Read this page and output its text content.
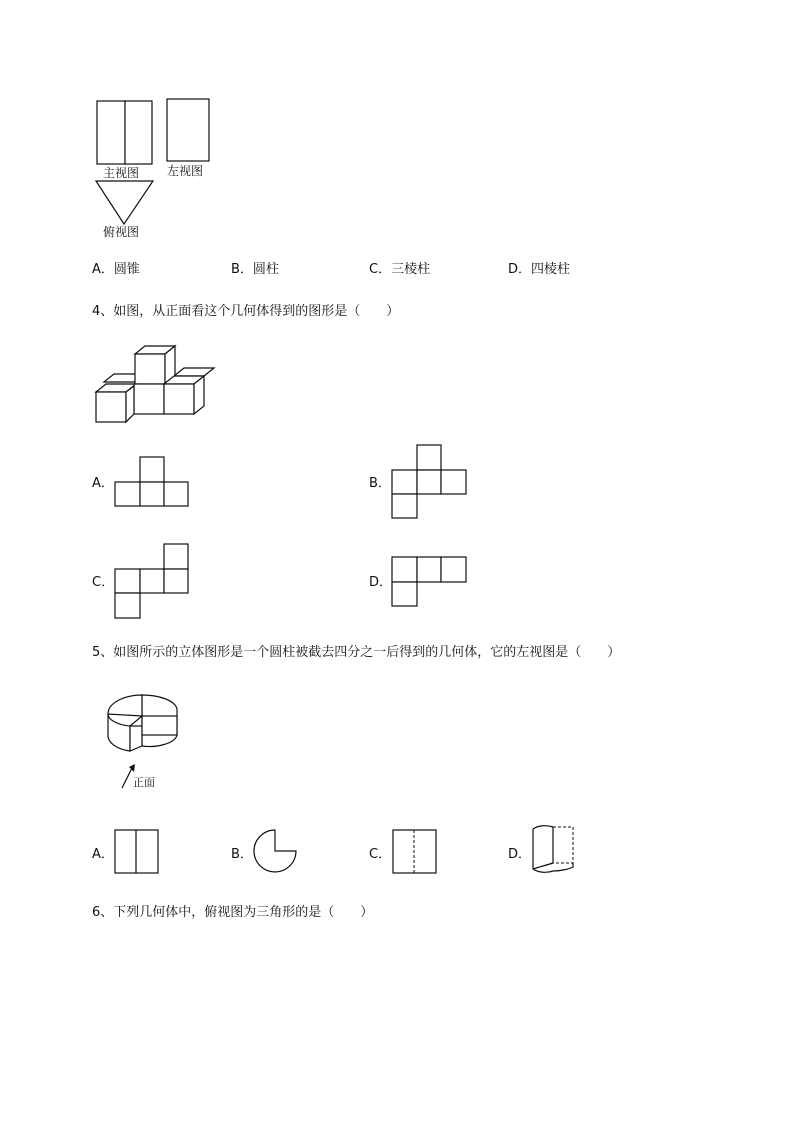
主视图 左视图
俯视图
A．圆锥	B．圆柱	C．三棱柱	D．四棱柱
4、如图，从正面看这个几何体得到的图形是（　　）
A．	B．
C．	D．
5、如图所示的立体图形是一个圆柱被截去四分之一后得到的几何体，它的左视图是（　　）
正面
A．	B．	C．	D．
6、下列几何体中，俯视图为三角形的是（　　）
